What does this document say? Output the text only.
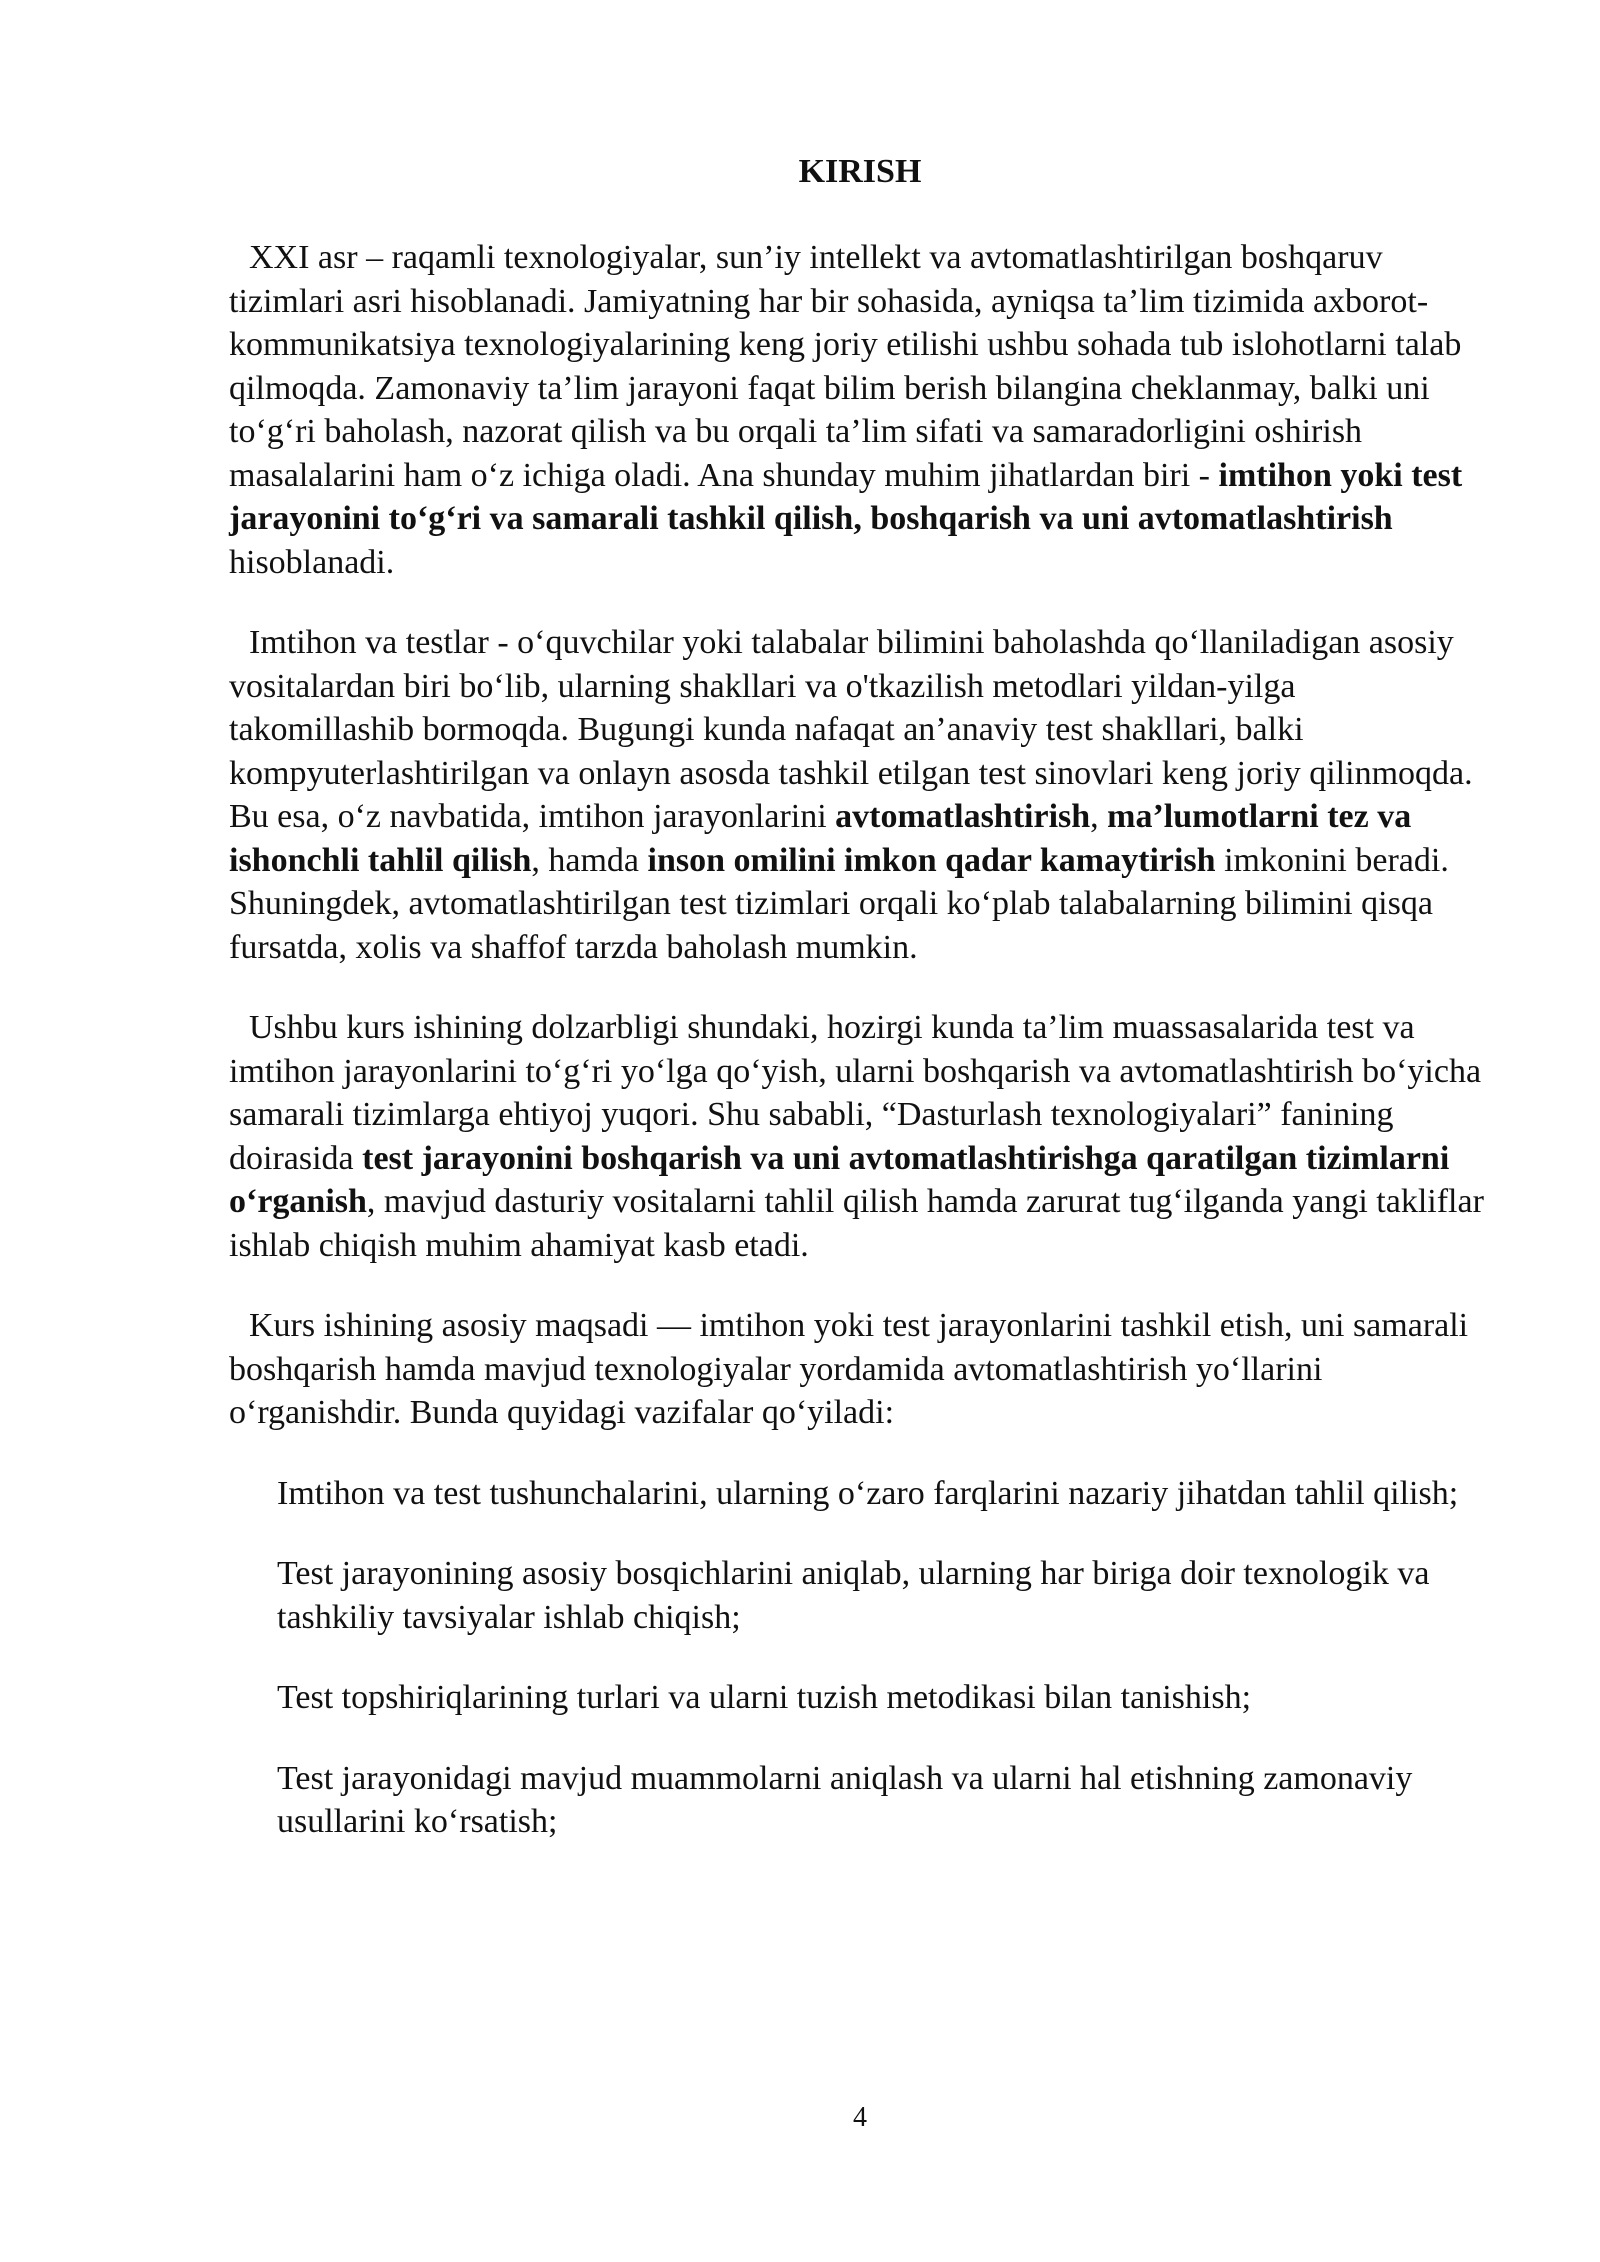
KIRISH

XXI asr – raqamli texnologiyalar, sun’iy intellekt va avtomatlashtirilgan boshqaruv tizimlari asri hisoblanadi. Jamiyatning har bir sohasida, ayniqsa ta’lim tizimida axborot-kommunikatsiya texnologiyalarining keng joriy etilishi ushbu sohada tub islohotlarni talab qilmoqda. Zamonaviy ta’lim jarayoni faqat bilim berish bilangina cheklanmay, balki uni to‘g‘ri baholash, nazorat qilish va bu orqali ta’lim sifati va samaradorligini oshirish masalalarini ham o‘z ichiga oladi. Ana shunday muhim jihatlardan biri - imtihon yoki test jarayonini to‘g‘ri va samarali tashkil qilish, boshqarish va uni avtomatlashtirish hisoblanadi.

Imtihon va testlar - o‘quvchilar yoki talabalar bilimini baholashda qo‘llaniladigan asosiy vositalardan biri bo‘lib, ularning shakllari va o'tkazilish metodlari yildan-yilga takomillashib bormoqda. Bugungi kunda nafaqat an’anaviy test shakllari, balki kompyuterlashtirilgan va onlayn asosda tashkil etilgan test sinovlari keng joriy qilinmoqda. Bu esa, o‘z navbatida, imtihon jarayonlarini avtomatlashtirish, ma’lumotlarni tez va ishonchli tahlil qilish, hamda inson omilini imkon qadar kamaytirish imkonini beradi. Shuningdek, avtomatlashtirilgan test tizimlari orqali ko‘plab talabalarning bilimini qisqa fursatda, xolis va shaffof tarzda baholash mumkin.

Ushbu kurs ishining dolzarbligi shundaki, hozirgi kunda ta’lim muassasalarida test va imtihon jarayonlarini to‘g‘ri yo‘lga qo‘yish, ularni boshqarish va avtomatlashtirish bo‘yicha samarali tizimlarga ehtiyoj yuqori. Shu sababli, “Dasturlash texnologiyalari” fanining doirasida test jarayonini boshqarish va uni avtomatlashtirishga qaratilgan tizimlarni o‘rganish, mavjud dasturiy vositalarni tahlil qilish hamda zarurat tug‘ilganda yangi takliflar ishlab chiqish muhim ahamiyat kasb etadi.

Kurs ishining asosiy maqsadi — imtihon yoki test jarayonlarini tashkil etish, uni samarali boshqarish hamda mavjud texnologiyalar yordamida avtomatlashtirish yo‘llarini o‘rganishdir. Bunda quyidagi vazifalar qo‘yiladi:

Imtihon va test tushunchalarini, ularning o‘zaro farqlarini nazariy jihatdan tahlil qilish;
Test jarayonining asosiy bosqichlarini aniqlab, ularning har biriga doir texnologik va tashkiliy tavsiyalar ishlab chiqish;
Test topshiriqlarining turlari va ularni tuzish metodikasi bilan tanishish;
Test jarayonidagi mavjud muammolarni aniqlash va ularni hal etishning zamonaviy usullarini ko‘rsatish;

4
